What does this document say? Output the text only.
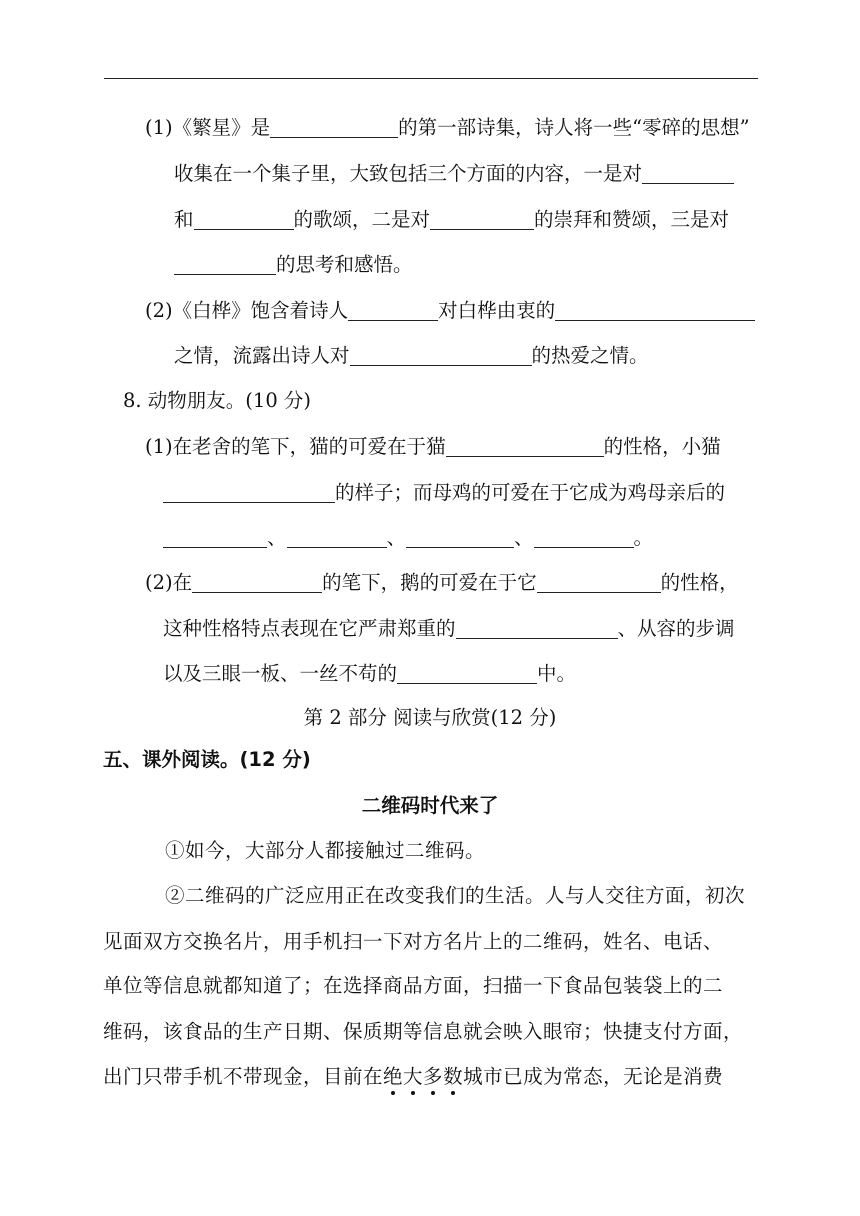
(1)《繁星》是	的第一部诗集，诗人将一些“零碎的思想”
收集在一个集子里，大致包括三个方面的内容，一是对
和	的歌颂，二是对	的崇拜和赞颂，三是对
的思考和感悟。
(2)《白桦》饱含着诗人	对白桦由衷的
之情，流露出诗人对	的热爱之情。
8. 动物朋友。(10 分)
(1)在老舍的笔下，猫的可爱在于猫	的性格，小猫
的样子；而母鸡的可爱在于它成为鸡母亲后的
、	、	、	。
(2)在	的笔下，鹅的可爱在于它	的性格，
这种性格特点表现在它严肃郑重的	、从容的步调
以及三眼一板、一丝不苟的	中。
第 2 部分 阅读与欣赏(12 分)
五、课外阅读。(12 分)
二维码时代来了
①如今，大部分人都接触过二维码。
②二维码的广泛应用正在改变我们的生活。人与人交往方面，初次
见面双方交换名片，用手机扫一下对方名片上的二维码，姓名、电话、
单位等信息就都知道了；在选择商品方面，扫描一下食品包装袋上的二
维码，该食品的生产日期、保质期等信息就会映入眼帘；快捷支付方面，
出门只带手机不带现金，目前在绝
大
多
数
城市已成为常态，无论是消费
